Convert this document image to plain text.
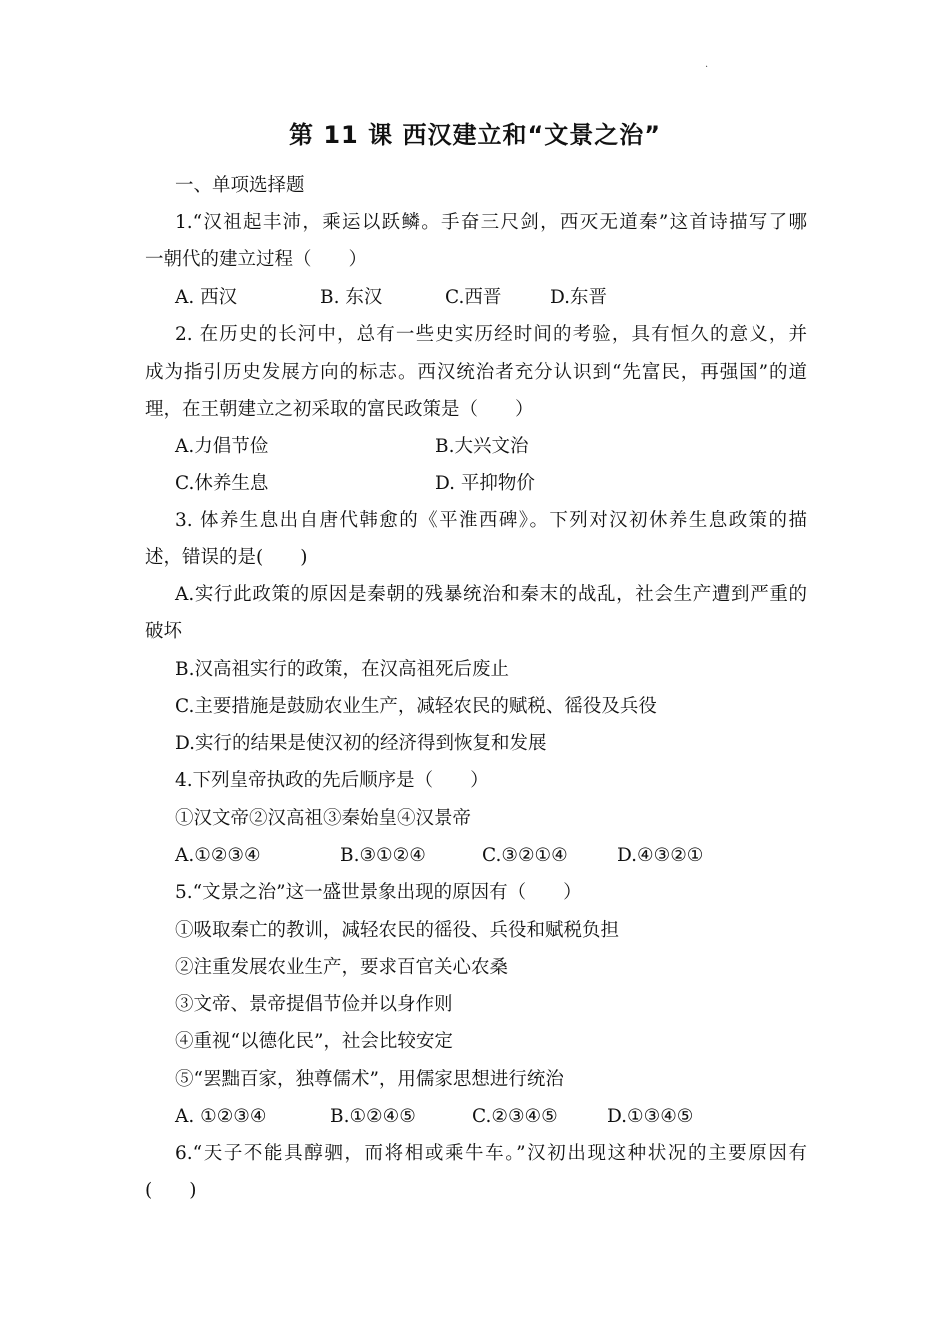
·
第 11 课 西汉建立和“文景之治”
一、单项选择题
1.“汉祖起丰沛，乘运以跃鳞。手奋三尺剑，西灭无道秦”这首诗描写了哪
一朝代的建立过程（　　）
A. 西汉	B. 东汉	C.西晋	D.东晋
2. 在历史的长河中，总有一些史实历经时间的考验，具有恒久的意义，并
成为指引历史发展方向的标志。西汉统治者充分认识到“先富民，再强国”的道
理，在王朝建立之初采取的富民政策是（　　）
A.力倡节俭	B.大兴文治
C.休养生息	D. 平抑物价
3. 体养生息出自唐代韩愈的《平淮西碑》。下列对汉初休养生息政策的描
述，错误的是(　　)
A.实行此政策的原因是秦朝的残暴统治和秦末的战乱，社会生产遭到严重的
破坏
B.汉高祖实行的政策，在汉高祖死后废止
C.主要措施是鼓励农业生产，减轻农民的赋税、徭役及兵役
D.实行的结果是使汉初的经济得到恢复和发展
4.下列皇帝执政的先后顺序是（　　）
①汉文帝②汉高祖③秦始皇④汉景帝
A.①②③④	B.③①②④	C.③②①④	D.④③②①
5.“文景之治”这一盛世景象出现的原因有（　　）
①吸取秦亡的教训，减轻农民的徭役、兵役和赋税负担
②注重发展农业生产，要求百官关心农桑
③文帝、景帝提倡节俭并以身作则
④重视“以德化民”，社会比较安定
⑤“罢黜百家，独尊儒术”，用儒家思想进行统治
A. ①②③④	B.①②④⑤	C.②③④⑤	D.①③④⑤
6.“天子不能具醇驷，而将相或乘牛车。”汉初出现这种状况的主要原因有
(　　)
